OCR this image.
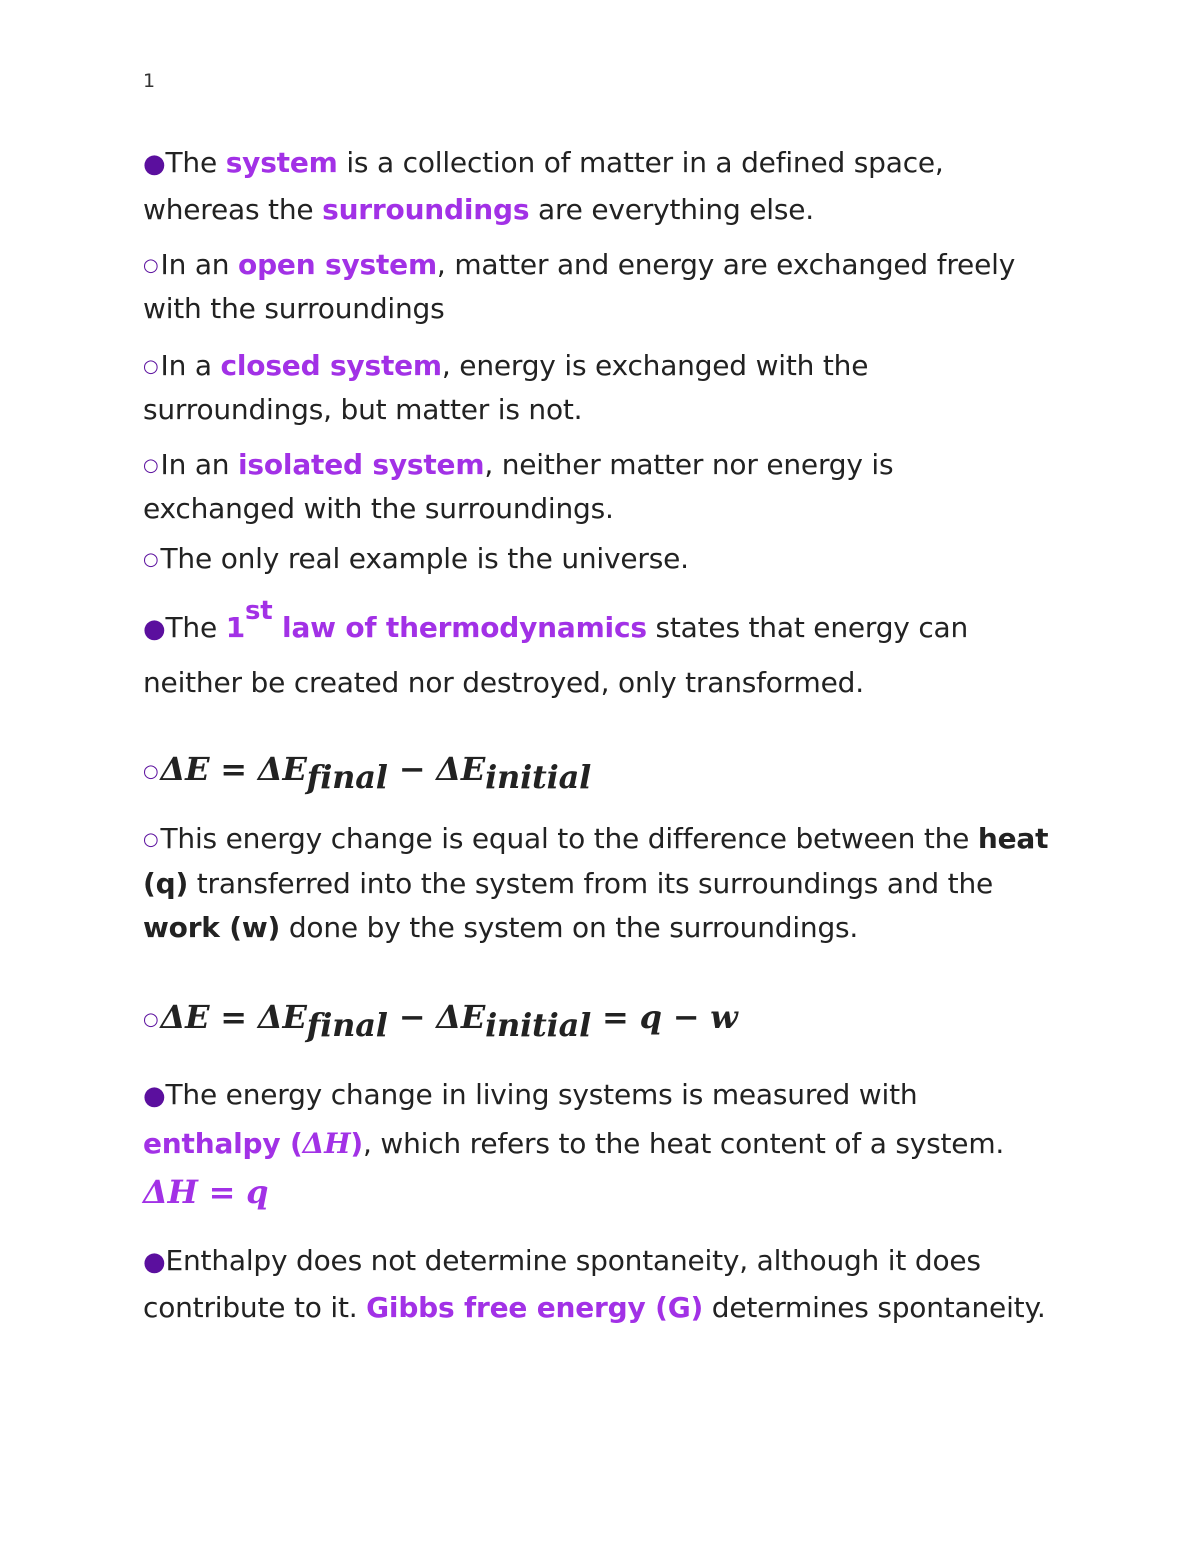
1

●The system is a collection of matter in a defined space, whereas the surroundings are everything else.

○In an open system, matter and energy are exchanged freely with the surroundings

○In a closed system, energy is exchanged with the surroundings, but matter is not.

○In an isolated system, neither matter nor energy is exchanged with the surroundings.

○The only real example is the universe.

●The 1st law of thermodynamics states that energy can neither be created nor destroyed, only transformed.

○ΔE = $\Delta E_{final} - \Delta E_{initial}$

○This energy change is equal to the difference between the heat (q) transferred into the system from its surroundings and the work (w) done by the system on the surroundings.

○ΔE = $\Delta E_{final} - \Delta E_{initial} = q - w$

●The energy change in living systems is measured with enthalpy (ΔH), which refers to the heat content of a system. ΔH = q

●Enthalpy does not determine spontaneity, although it does contribute to it. Gibbs free energy (G) determines spontaneity.
